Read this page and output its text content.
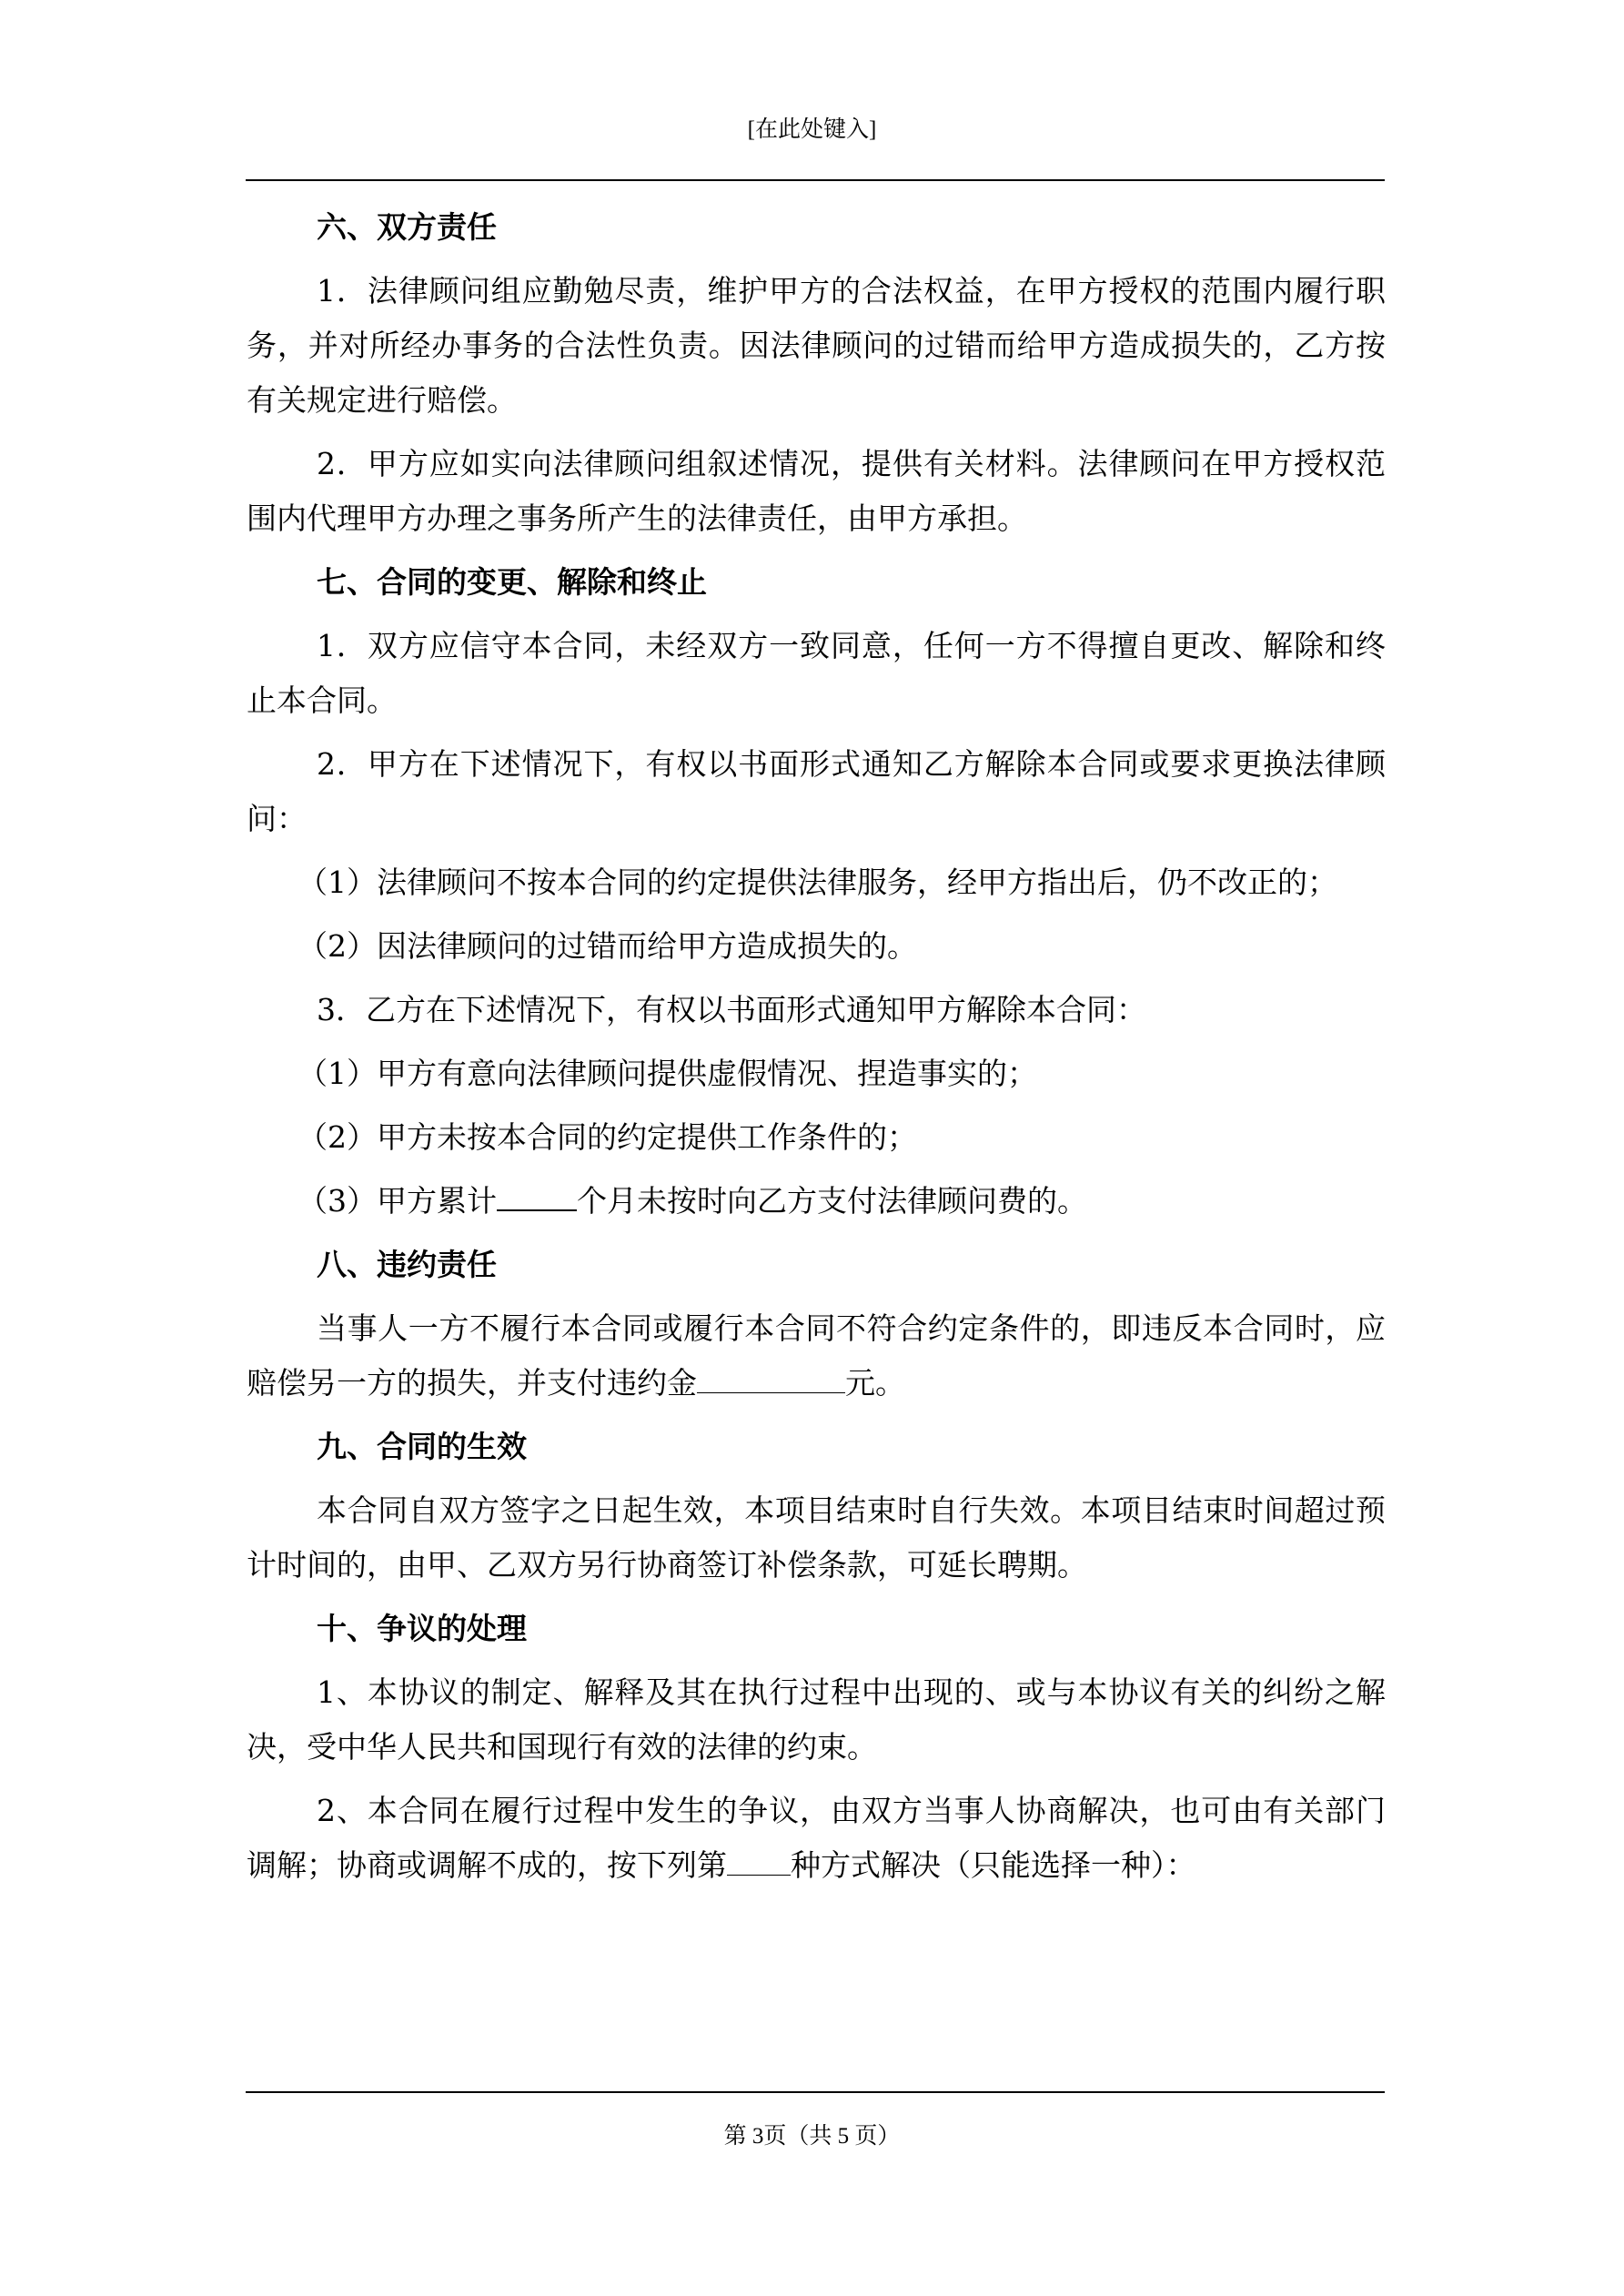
[在此处键入]
六、双方责任

1．法律顾问组应勤勉尽责，维护甲方的合法权益，在甲方授权的范围内履行职务，并对所经办事务的合法性负责。因法律顾问的过错而给甲方造成损失的，乙方按有关规定进行赔偿。

2．甲方应如实向法律顾问组叙述情况，提供有关材料。法律顾问在甲方授权范围内代理甲方办理之事务所产生的法律责任，由甲方承担。

七、合同的变更、解除和终止

1．双方应信守本合同，未经双方一致同意，任何一方不得擅自更改、解除和终止本合同。

2．甲方在下述情况下，有权以书面形式通知乙方解除本合同或要求更换法律顾问：

（1）法律顾问不按本合同的约定提供法律服务，经甲方指出后，仍不改正的；

（2）因法律顾问的过错而给甲方造成损失的。

3．乙方在下述情况下，有权以书面形式通知甲方解除本合同：

（1）甲方有意向法律顾问提供虚假情况、捏造事实的；

（2）甲方未按本合同的约定提供工作条件的；

（3）甲方累计	个月未按时向乙方支付法律顾问费的。

八、违约责任

当事人一方不履行本合同或履行本合同不符合约定条件的，即违反本合同时，应赔偿另一方的损失，并支付违约金	元。

九、合同的生效

本合同自双方签字之日起生效，本项目结束时自行失效。本项目结束时间超过预计时间的，由甲、乙双方另行协商签订补偿条款，可延长聘期。

十、争议的处理

1、本协议的制定、解释及其在执行过程中出现的、或与本协议有关的纠纷之解决，受中华人民共和国现行有效的法律的约束。

2、本合同在履行过程中发生的争议，由双方当事人协商解决，也可由有关部门调解；协商或调解不成的，按下列第 种方式解决（只能选择一种）：

第 3页（共 5 页）
